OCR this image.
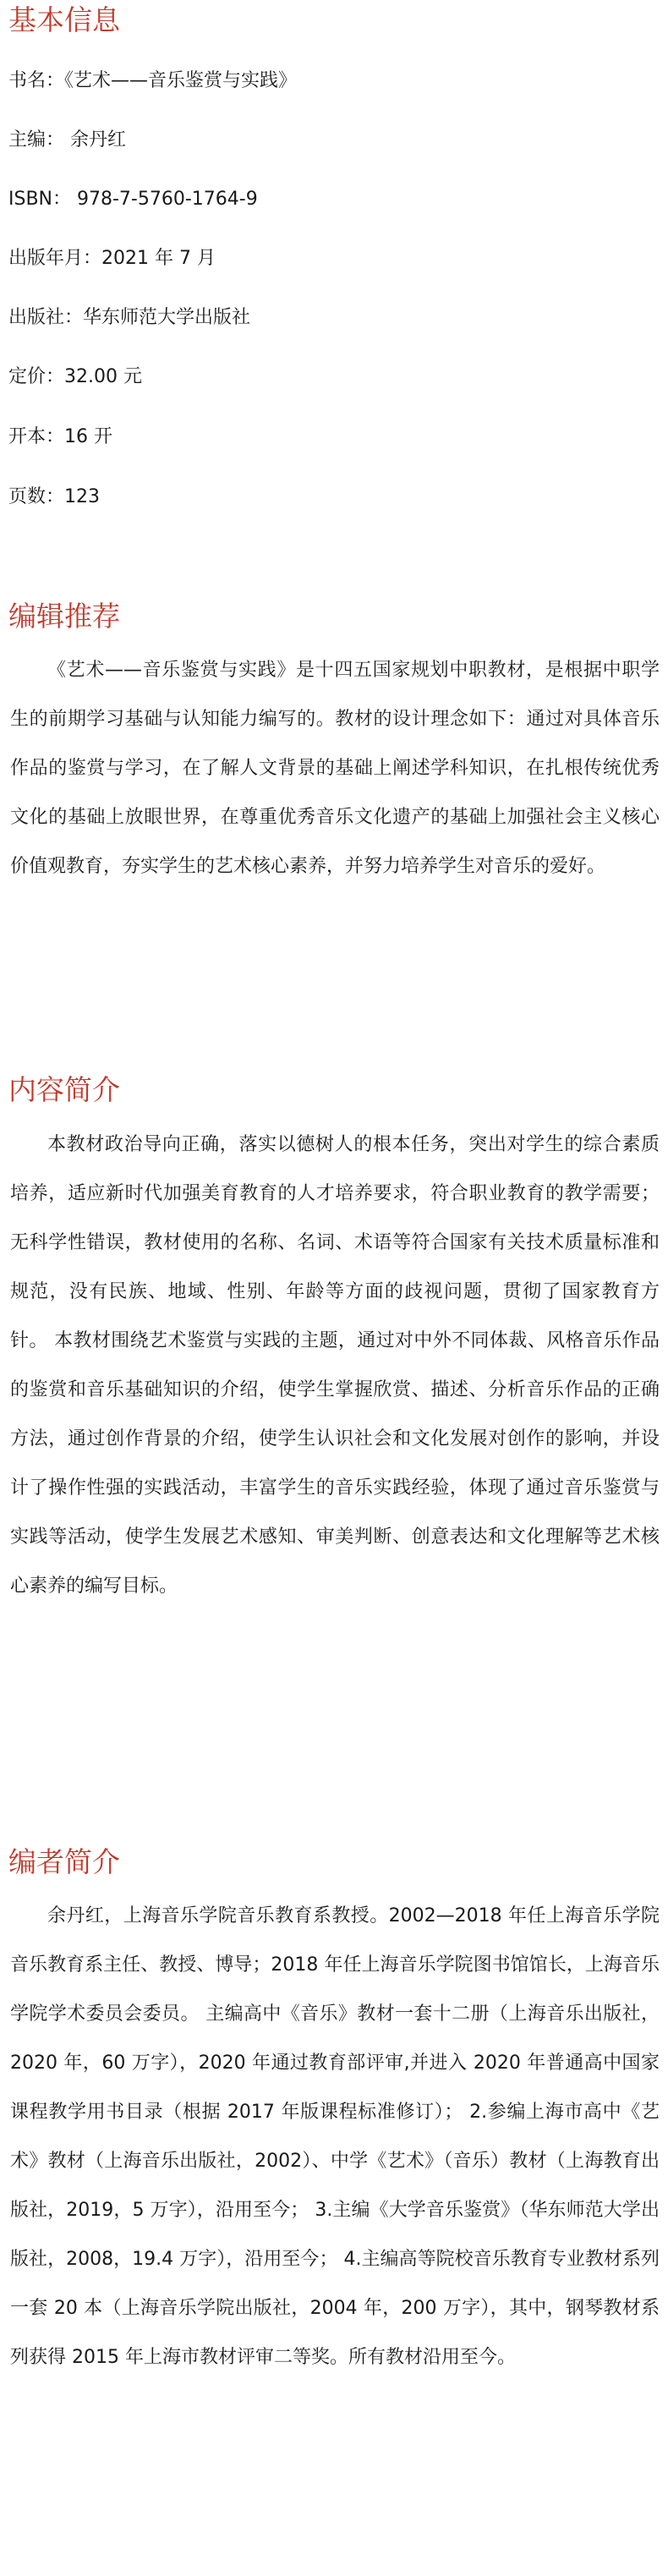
基本信息
书名：《艺术——音乐鉴赏与实践》
主编： 余丹红
ISBN： 978-7-5760-1764-9
出版年月：2021 年 7 月
出版社：华东师范大学出版社
定价：32.00 元
开本：16 开
页数：123
编辑推荐

《艺术——音乐鉴赏与实践》是十四五国家规划中职教材，是根据中职学生的前期学习基础与认知能力编写的。教材的设计理念如下：通过对具体音乐作品的鉴赏与学习，在了解人文背景的基础上阐述学科知识，在扎根传统优秀文化的基础上放眼世界，在尊重优秀音乐文化遗产的基础上加强社会主义核心价值观教育，夯实学生的艺术核心素养，并努力培养学生对音乐的爱好。

内容简介

本教材政治导向正确，落实以德树人的根本任务，突出对学生的综合素质培养，适应新时代加强美育教育的人才培养要求，符合职业教育的教学需要；无科学性错误，教材使用的名称、名词、术语等符合国家有关技术质量标准和规范，没有民族、地域、性别、年龄等方面的歧视问题，贯彻了国家教育方针。 本教材围绕艺术鉴赏与实践的主题，通过对中外不同体裁、风格音乐作品的鉴赏和音乐基础知识的介绍，使学生掌握欣赏、描述、分析音乐作品的正确方法，通过创作背景的介绍，使学生认识社会和文化发展对创作的影响，并设计了操作性强的实践活动，丰富学生的音乐实践经验，体现了通过音乐鉴赏与实践等活动，使学生发展艺术感知、审美判断、创意表达和文化理解等艺术核心素养的编写目标。

编者简介

余丹红，上海音乐学院音乐教育系教授。2002—2018 年任上海音乐学院音乐教育系主任、教授、博导；2018 年任上海音乐学院图书馆馆长，上海音乐学院学术委员会委员。 主编高中《音乐》教材一套十二册（上海音乐出版社，2020 年，60 万字），2020 年通过教育部评审,并进入 2020 年普通高中国家课程教学用书目录（根据 2017 年版课程标准修订）； 2.参编上海市高中《艺术》教材（上海音乐出版社，2002）、中学《艺术》（音乐）教材（上海教育出版社，2019，5 万字），沿用至今； 3.主编《大学音乐鉴赏》（华东师范大学出版社，2008，19.4 万字），沿用至今； 4.主编高等院校音乐教育专业教材系列一套 20 本（上海音乐学院出版社，2004 年，200 万字），其中，钢琴教材系列获得 2015 年上海市教材评审二等奖。所有教材沿用至今。
